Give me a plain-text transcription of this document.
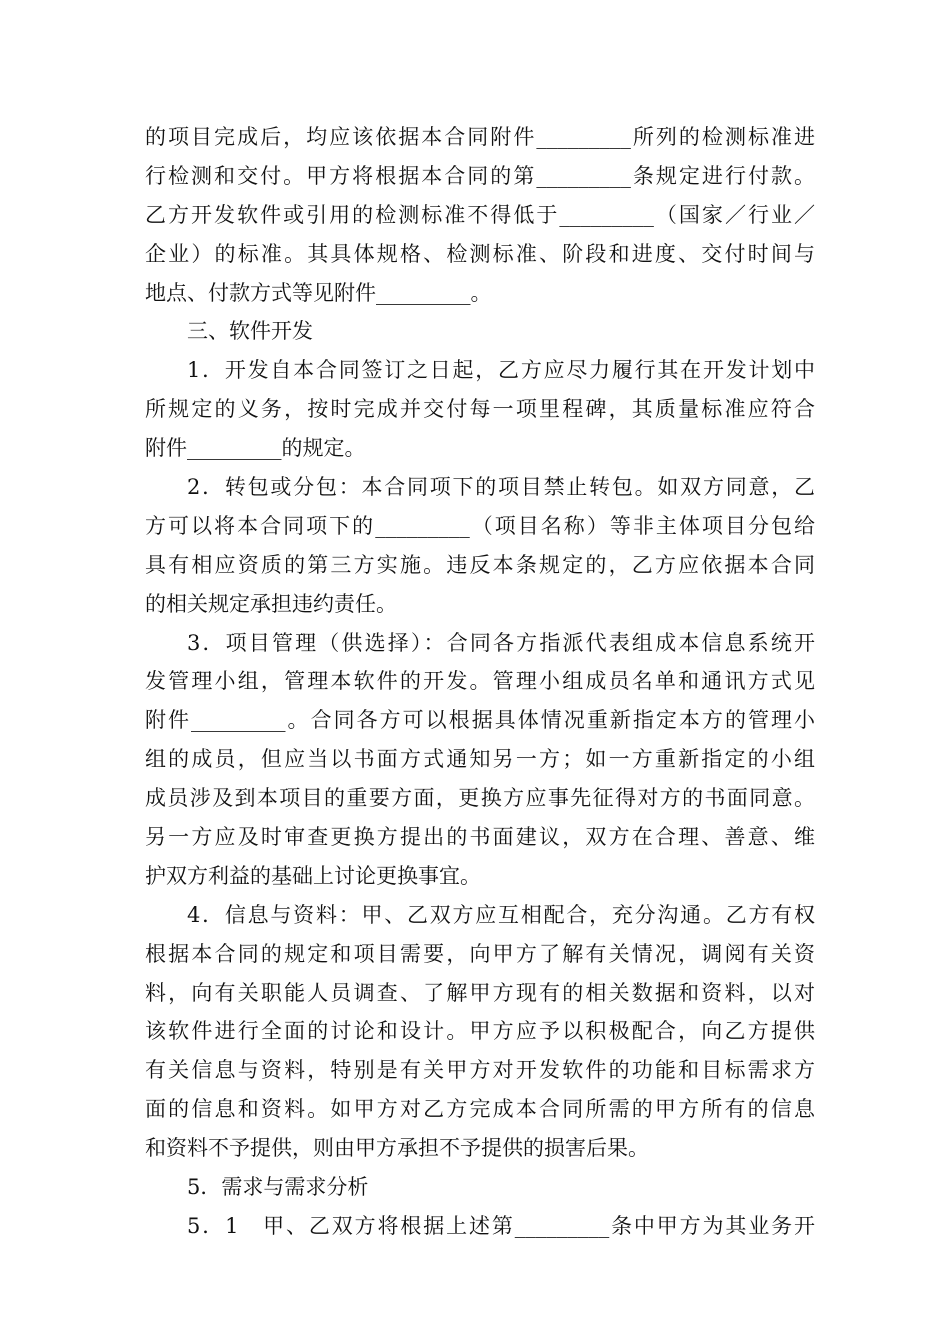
的项目完成后，均应该依据本合同附件_________所列的检测标准进
行检测和交付。甲方将根据本合同的第_________条规定进行付款。
乙方开发软件或引用的检测标准不得低于_________（国家／行业／
企业）的标准。其具体规格、检测标准、阶段和进度、交付时间与
地点、付款方式等见附件_________。
三、软件开发
1．开发自本合同签订之日起，乙方应尽力履行其在开发计划中
所规定的义务，按时完成并交付每一项里程碑，其质量标准应符合
附件_________的规定。
2．转包或分包：本合同项下的项目禁止转包。如双方同意，乙
方可以将本合同项下的_________（项目名称）等非主体项目分包给
具有相应资质的第三方实施。违反本条规定的，乙方应依据本合同
的相关规定承担违约责任。
3．项目管理（供选择）：合同各方指派代表组成本信息系统开
发管理小组，管理本软件的开发。管理小组成员名单和通讯方式见
附件_________。合同各方可以根据具体情况重新指定本方的管理小
组的成员，但应当以书面方式通知另一方；如一方重新指定的小组
成员涉及到本项目的重要方面，更换方应事先征得对方的书面同意。
另一方应及时审查更换方提出的书面建议，双方在合理、善意、维
护双方利益的基础上讨论更换事宜。
4．信息与资料：甲、乙双方应互相配合，充分沟通。乙方有权
根据本合同的规定和项目需要，向甲方了解有关情况，调阅有关资
料，向有关职能人员调查、了解甲方现有的相关数据和资料，以对
该软件进行全面的讨论和设计。甲方应予以积极配合，向乙方提供
有关信息与资料，特别是有关甲方对开发软件的功能和目标需求方
面的信息和资料。如甲方对乙方完成本合同所需的甲方所有的信息
和资料不予提供，则由甲方承担不予提供的损害后果。
5．需求与需求分析
5．1　甲、乙双方将根据上述第_________条中甲方为其业务开
